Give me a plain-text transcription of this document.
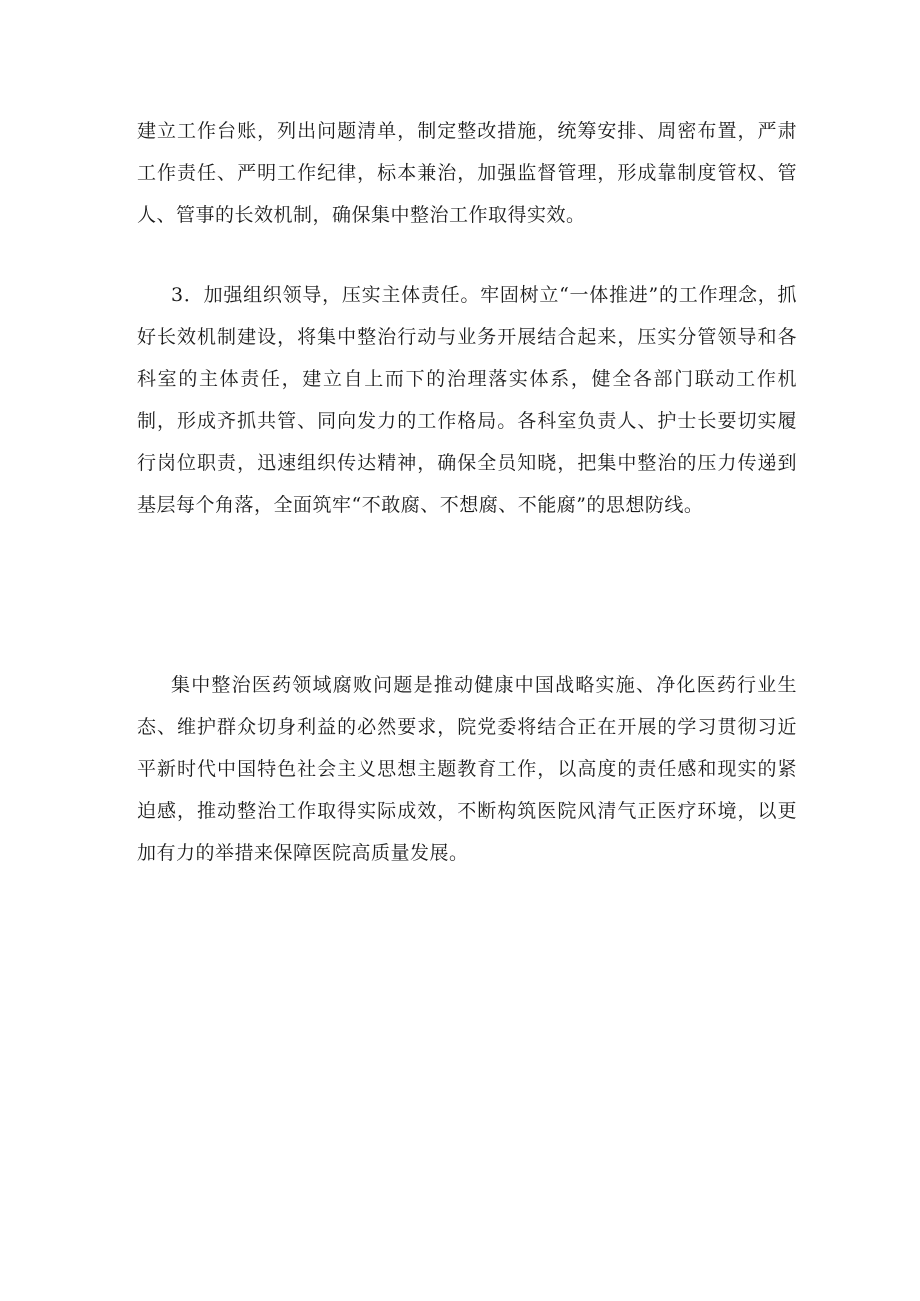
建立工作台账，列出问题清单，制定整改措施，统筹安排、周密布置，严肃工作责任、严明工作纪律，标本兼治，加强监督管理，形成靠制度管权、管人、管事的长效机制，确保集中整治工作取得实效。

3．加强组织领导，压实主体责任。牢固树立“一体推进”的工作理念，抓好长效机制建设，将集中整治行动与业务开展结合起来，压实分管领导和各科室的主体责任，建立自上而下的治理落实体系，健全各部门联动工作机制，形成齐抓共管、同向发力的工作格局。各科室负责人、护士长要切实履行岗位职责，迅速组织传达精神，确保全员知晓，把集中整治的压力传递到基层每个角落，全面筑牢“不敢腐、不想腐、不能腐”的思想防线。

集中整治医药领域腐败问题是推动健康中国战略实施、净化医药行业生态、维护群众切身利益的必然要求，院党委将结合正在开展的学习贯彻习近平新时代中国特色社会主义思想主题教育工作，以高度的责任感和现实的紧迫感，推动整治工作取得实际成效，不断构筑医院风清气正医疗环境，以更加有力的举措来保障医院高质量发展。
